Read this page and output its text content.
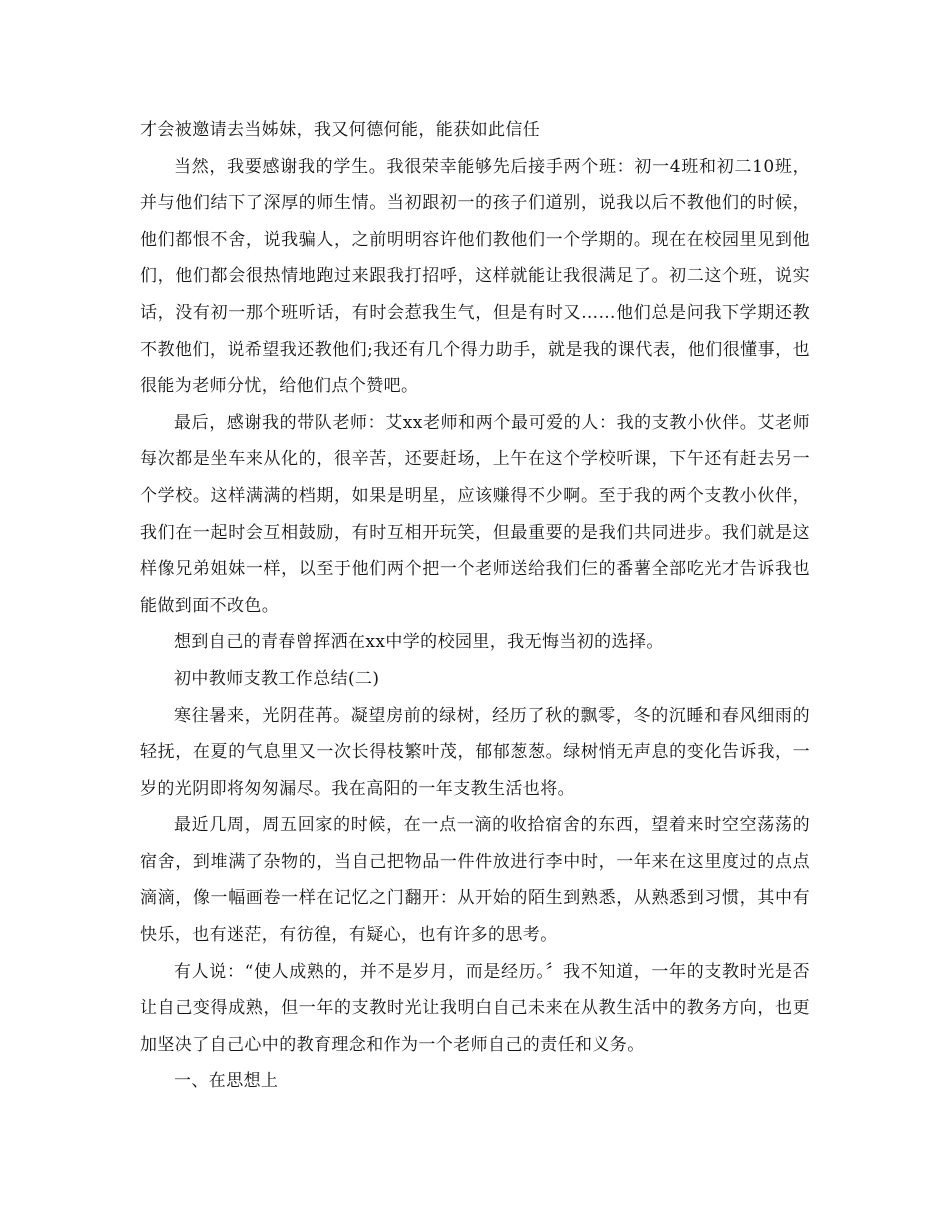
才会被邀请去当姊妹，我又何德何能，能获如此信任

当然，我要感谢我的学生。我很荣幸能够先后接手两个班：初一4班和初二10班，并与他们结下了深厚的师生情。当初跟初一的孩子们道别，说我以后不教他们的时候，他们都恨不舍，说我骗人，之前明明容许他们教他们一个学期的。现在在校园里见到他们，他们都会很热情地跑过来跟我打招呼，这样就能让我很满足了。初二这个班，说实话，没有初一那个班听话，有时会惹我生气，但是有时又……他们总是问我下学期还教不教他们，说希望我还教他们;我还有几个得力助手，就是我的课代表，他们很懂事，也很能为老师分忧，给他们点个赞吧。

最后，感谢我的带队老师：艾xx老师和两个最可爱的人：我的支教小伙伴。艾老师每次都是坐车来从化的，很辛苦，还要赶场，上午在这个学校听课，下午还有赶去另一个学校。这样满满的档期，如果是明星，应该赚得不少啊。至于我的两个支教小伙伴，我们在一起时会互相鼓励，有时互相开玩笑，但最重要的是我们共同进步。我们就是这样像兄弟姐妹一样，以至于他们两个把一个老师送给我们仨的番薯全部吃光才告诉我也能做到面不改色。

想到自己的青春曾挥洒在xx中学的校园里，我无悔当初的选择。

初中教师支教工作总结(二)

寒往暑来，光阴荏苒。凝望房前的绿树，经历了秋的飘零，冬的沉睡和春风细雨的轻抚，在夏的气息里又一次长得枝繁叶茂，郁郁葱葱。绿树悄无声息的变化告诉我，一岁的光阴即将匆匆漏尽。我在高阳的一年支教生活也将。

最近几周，周五回家的时候，在一点一滴的收拾宿舍的东西，望着来时空空荡荡的宿舍，到堆满了杂物的，当自己把物品一件件放进行李中时，一年来在这里度过的点点滴滴，像一幅画卷一样在记忆之门翻开：从开始的陌生到熟悉，从熟悉到习惯，其中有快乐，也有迷茫，有彷徨，有疑心，也有许多的思考。

有人说：“使人成熟的，并不是岁月，而是经历。〞我不知道，一年的支教时光是否让自己变得成熟，但一年的支教时光让我明白自己未来在从教生活中的教务方向，也更加坚决了自己心中的教育理念和作为一个老师自己的责任和义务。

一、在思想上
